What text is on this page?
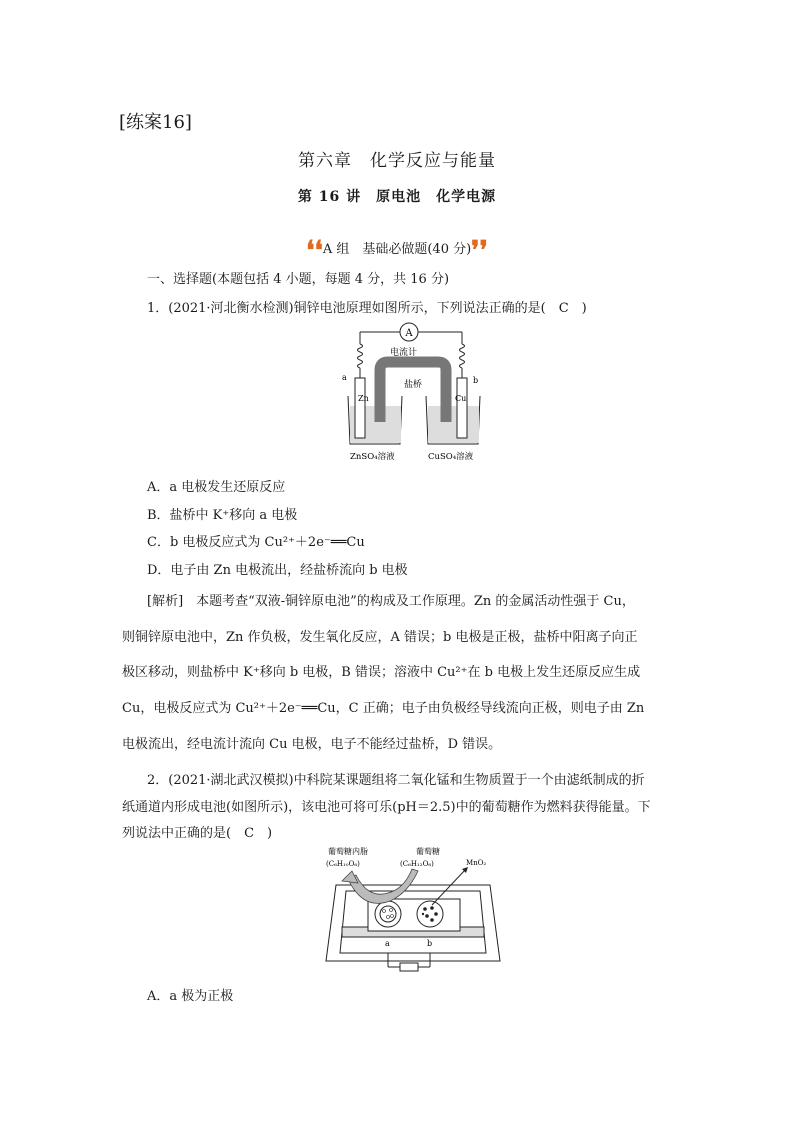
[练案16]
第六章　化学反应与能量
第 16 讲　原电池　化学电源
❛❛A 组　基础必做题(40 分)❜❜
一、选择题(本题包括 4 小题，每题 4 分，共 16 分)
1．(2021·河北衡水检测)铜锌电池原理如图所示，下列说法正确的是(　C　)
A
电流计
盐桥
Zn	Cu
a	b
ZnSO₄溶液	CuSO₄溶液
A．a 电极发生还原反应
B．盐桥中 K⁺移向 a 电极
C．b 电极反应式为 Cu²⁺＋2e⁻══Cu
D．电子由 Zn 电极流出，经盐桥流向 b 电极
[解析]　本题考查“双液-铜锌原电池”的构成及工作原理。Zn 的金属活动性强于 Cu，
则铜锌原电池中，Zn 作负极，发生氧化反应，A 错误；b 电极是正极，盐桥中阳离子向正
极区移动，则盐桥中 K⁺移向 b 电极，B 错误；溶液中 Cu²⁺在 b 电极上发生还原反应生成
Cu，电极反应式为 Cu²⁺＋2e⁻══Cu，C 正确；电子由负极经导线流向正极，则电子由 Zn
电极流出，经电流计流向 Cu 电极，电子不能经过盐桥，D 错误。
2．(2021·湖北武汉模拟)中科院某课题组将二氧化锰和生物质置于一个由滤纸制成的折
纸通道内形成电池(如图所示)，该电池可将可乐(pH＝2.5)中的葡萄糖作为燃料获得能量。下
列说法中正确的是(　C　)
葡萄糖内脂
(C₆H₁₀O₆)
葡萄糖
(C₆H₁₂O₆)	MnO₂
a	b
A．a 极为正极
